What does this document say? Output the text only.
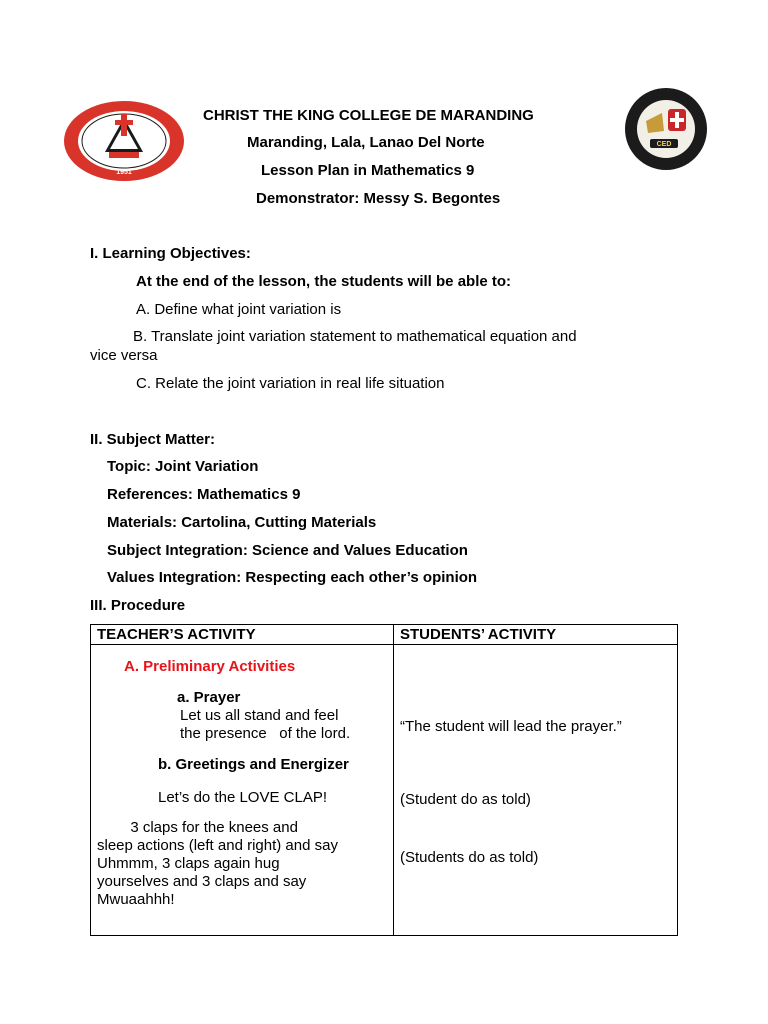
1951
CED
CHRIST THE KING COLLEGE DE MARANDING
Maranding, Lala, Lanao Del Norte
Lesson Plan in Mathematics 9
Demonstrator: Messy S. Begontes
I. Learning Objectives:
At the end of the lesson, the students will be able to:
A. Define what joint variation is
B. Translate joint variation statement to mathematical equation and
vice versa
C. Relate the joint variation in real life situation
II. Subject Matter:
Topic: Joint Variation
References: Mathematics 9
Materials: Cartolina, Cutting Materials
Subject Integration: Science and Values Education
Values Integration: Respecting each other’s opinion
III. Procedure
TEACHER’S ACTIVITY	STUDENTS’ ACTIVITY
A. Preliminary Activities
a. Prayer
Let us all stand and feel
the presence   of the lord.
b. Greetings and Energizer
Let’s do the LOVE CLAP!
3 claps for the knees and
sleep actions (left and right) and say
Uhmmm, 3 claps again hug
yourselves and 3 claps and say
Mwuaahhh!
“The student will lead the prayer.”
(Student do as told)
(Students do as told)
